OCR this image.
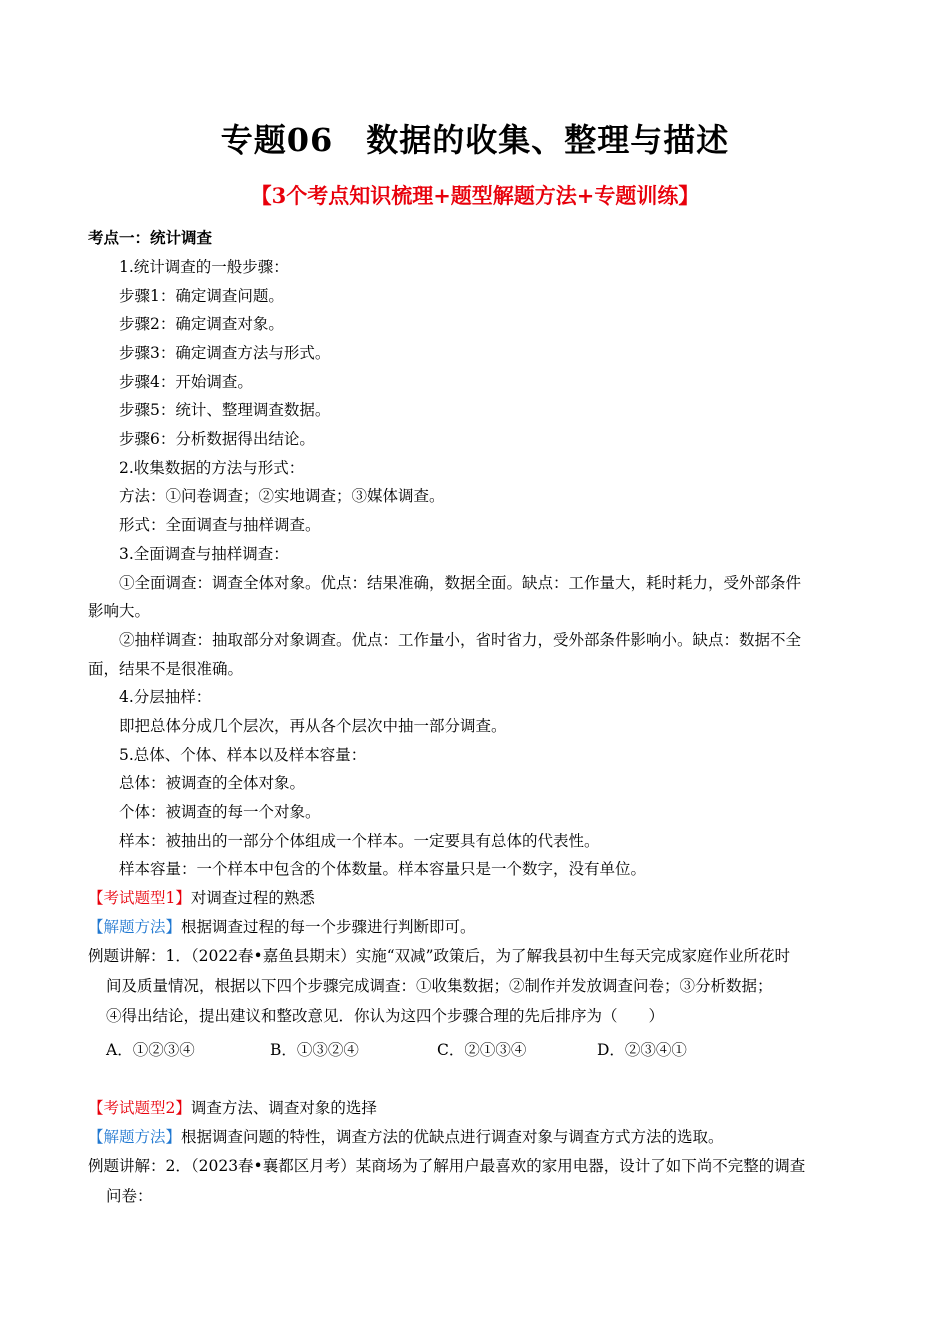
专题06　数据的收集、整理与描述
【3个考点知识梳理+题型解题方法+专题训练】
考点一：统计调查
1.统计调查的一般步骤：
步骤1：确定调查问题。
步骤2：确定调查对象。
步骤3：确定调查方法与形式。
步骤4：开始调查。
步骤5：统计、整理调查数据。
步骤6：分析数据得出结论。
2.收集数据的方法与形式：
方法：①问卷调查；②实地调查；③媒体调查。
形式：全面调查与抽样调查。
3.全面调查与抽样调查：
①全面调查：调查全体对象。优点：结果准确，数据全面。缺点：工作量大，耗时耗力，受外部条件
影响大。
②抽样调查：抽取部分对象调查。优点：工作量小，省时省力，受外部条件影响小。缺点：数据不全
面，结果不是很准确。
4.分层抽样：
即把总体分成几个层次，再从各个层次中抽一部分调查。
5.总体、个体、样本以及样本容量：
总体：被调查的全体对象。
个体：被调查的每一个对象。
样本：被抽出的一部分个体组成一个样本。一定要具有总体的代表性。
样本容量：一个样本中包含的个体数量。样本容量只是一个数字，没有单位。
【考试题型1】对调查过程的熟悉
【解题方法】根据调查过程的每一个步骤进行判断即可。
例题讲解：1．（2022春•嘉鱼县期末）实施“双减”政策后，为了解我县初中生每天完成家庭作业所花时
间及质量情况，根据以下四个步骤完成调查：①收集数据；②制作并发放调查问卷；③分析数据；
④得出结论，提出建议和整改意见．你认为这四个步骤合理的先后排序为（　　）
A．①②③④	B．①③②④	C．②①③④	D．②③④①
【考试题型2】调查方法、调查对象的选择
【解题方法】根据调查问题的特性，调查方法的优缺点进行调查对象与调查方式方法的选取。
例题讲解：2．（2023春•襄都区月考）某商场为了解用户最喜欢的家用电器，设计了如下尚不完整的调查
问卷：
